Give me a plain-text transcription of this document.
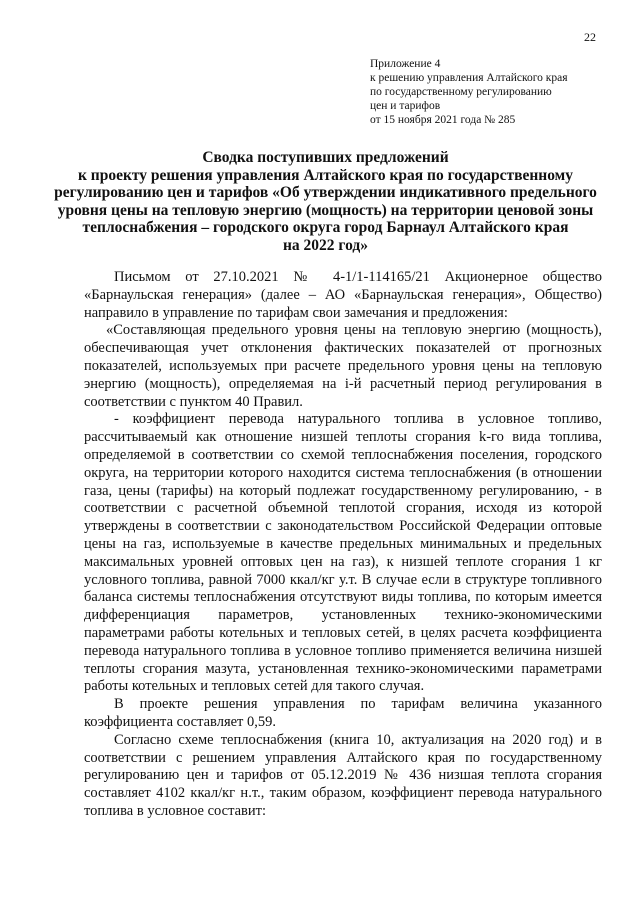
22
Приложение 4
к решению управления Алтайского края
по государственному регулированию
цен и тарифов
от 15 ноября 2021 года № 285
Сводка поступивших предложений
к проекту решения управления Алтайского края по государственному
регулированию цен и тарифов «Об утверждении индикативного предельного
уровня цены на тепловую энергию (мощность) на территории ценовой зоны
теплоснабжения – городского округа город Барнаул Алтайского края
на 2022 год»

Письмом от 27.10.2021 № 4-1/1-114165/21 Акционерное общество «Барнаульская генерация» (далее – АО «Барнаульская генерация», Общество) направило в управление по тарифам свои замечания и предложения:

«Составляющая предельного уровня цены на тепловую энергию (мощность), обеспечивающая учет отклонения фактических показателей от прогнозных показателей, используемых при расчете предельного уровня цены на тепловую энергию (мощность), определяемая на i-й расчетный период регулирования в соответствии с пунктом 40 Правил.

- коэффициент перевода натурального топлива в условное топливо, рассчитываемый как отношение низшей теплоты сгорания k-го вида топлива, определяемой в соответствии со схемой теплоснабжения поселения, городского округа, на территории которого находится система теплоснабжения (в отношении газа, цены (тарифы) на который подлежат государственному регулированию, - в соответствии с расчетной объемной теплотой сгорания, исходя из которой утверждены в соответствии с законодательством Российской Федерации оптовые цены на газ, используемые в качестве предельных минимальных и предельных максимальных уровней оптовых цен на газ), к низшей теплоте сгорания 1 кг условного топлива, равной 7000 ккал/кг у.т. В случае если в структуре топливного баланса системы теплоснабжения отсутствуют виды топлива, по которым имеется дифференциация параметров, установленных технико-экономическими параметрами работы котельных и тепловых сетей, в целях расчета коэффициента перевода натурального топлива в условное топливо применяется величина низшей теплоты сгорания мазута, установленная технико-экономическими параметрами работы котельных и тепловых сетей для такого случая.

В проекте решения управления по тарифам величина указанного коэффициента составляет 0,59.

Согласно схеме теплоснабжения (книга 10, актуализация на 2020 год) и в соответствии с решением управления Алтайского края по государственному регулированию цен и тарифов от 05.12.2019 № 436 низшая теплота сгорания составляет 4102 ккал/кг н.т., таким образом, коэффициент перевода натурального топлива в условное составит:
